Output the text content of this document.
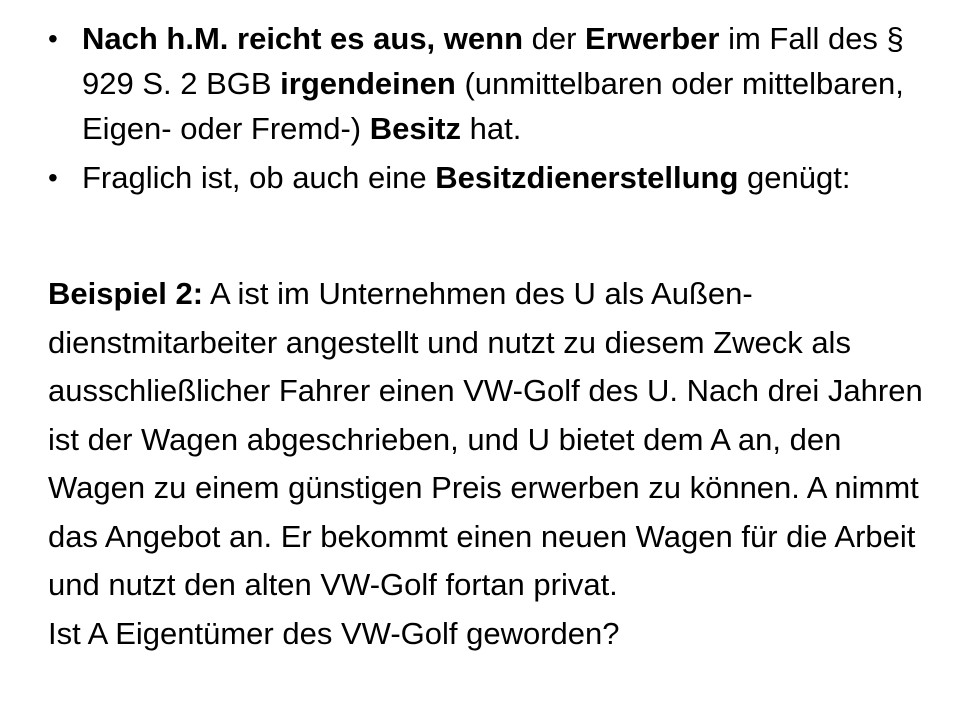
• Nach h.M. reicht es aus, wenn der Erwerber im Fall des § 929 S. 2 BGB irgendeinen (unmittelbaren oder mittelbaren, Eigen- oder Fremd-) Besitz hat.
• Fraglich ist, ob auch eine Besitzdienerstellung genügt:
Beispiel 2: A ist im Unternehmen des U als Außen-dienstmitarbeiter angestellt und nutzt zu diesem Zweck als ausschließlicher Fahrer einen VW-Golf des U. Nach drei Jahren ist der Wagen abgeschrieben, und U bietet dem A an, den Wagen zu einem günstigen Preis erwerben zu können. A nimmt das Angebot an. Er bekommt einen neuen Wagen für die Arbeit und nutzt den alten VW-Golf fortan privat.
Ist A Eigentümer des VW-Golf geworden?
